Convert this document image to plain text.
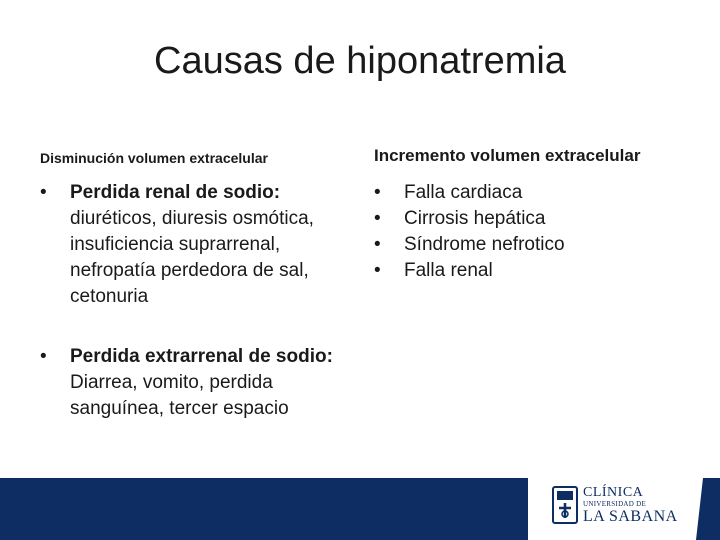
Causas de hiponatremia
Disminución volumen extracelular	Incremento volumen extracelular
•	Perdida renal de sodio: diuréticos, diuresis osmótica, insuficiencia suprarrenal, nefropatía perdedora de sal, cetonuria
•	Perdida extrarrenal de sodio: Diarrea, vomito, perdida sanguínea, tercer espacio
•	Falla cardiaca
•	Cirrosis hepática
•	Síndrome nefrotico
•	Falla renal
CLÍNICA
UNIVERSIDAD DE
LA SABANA
